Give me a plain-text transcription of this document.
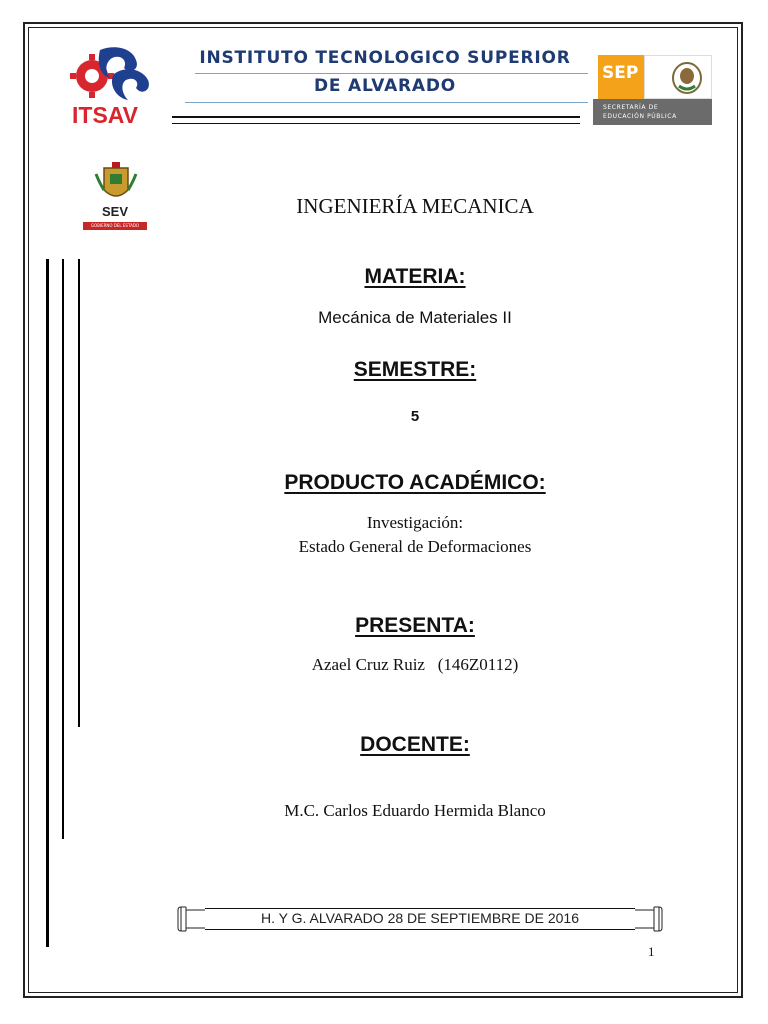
ITSAV
INSTITUTO TECNOLOGICO SUPERIOR
DE ALVARADO
SEP
SECRETARÍA DE
EDUCACIÓN PÚBLICA
SEV
GOBIERNO DEL ESTADO
INGENIERÍA MECANICA
MATERIA:
Mecánica de Materiales II
SEMESTRE:
5
PRODUCTO ACADÉMICO:
Investigación:
Estado General de Deformaciones
PRESENTA:
Azael Cruz Ruiz   (146Z0112)
DOCENTE:
M.C. Carlos Eduardo Hermida Blanco
H. Y G. ALVARADO 28 DE SEPTIEMBRE DE 2016
1
